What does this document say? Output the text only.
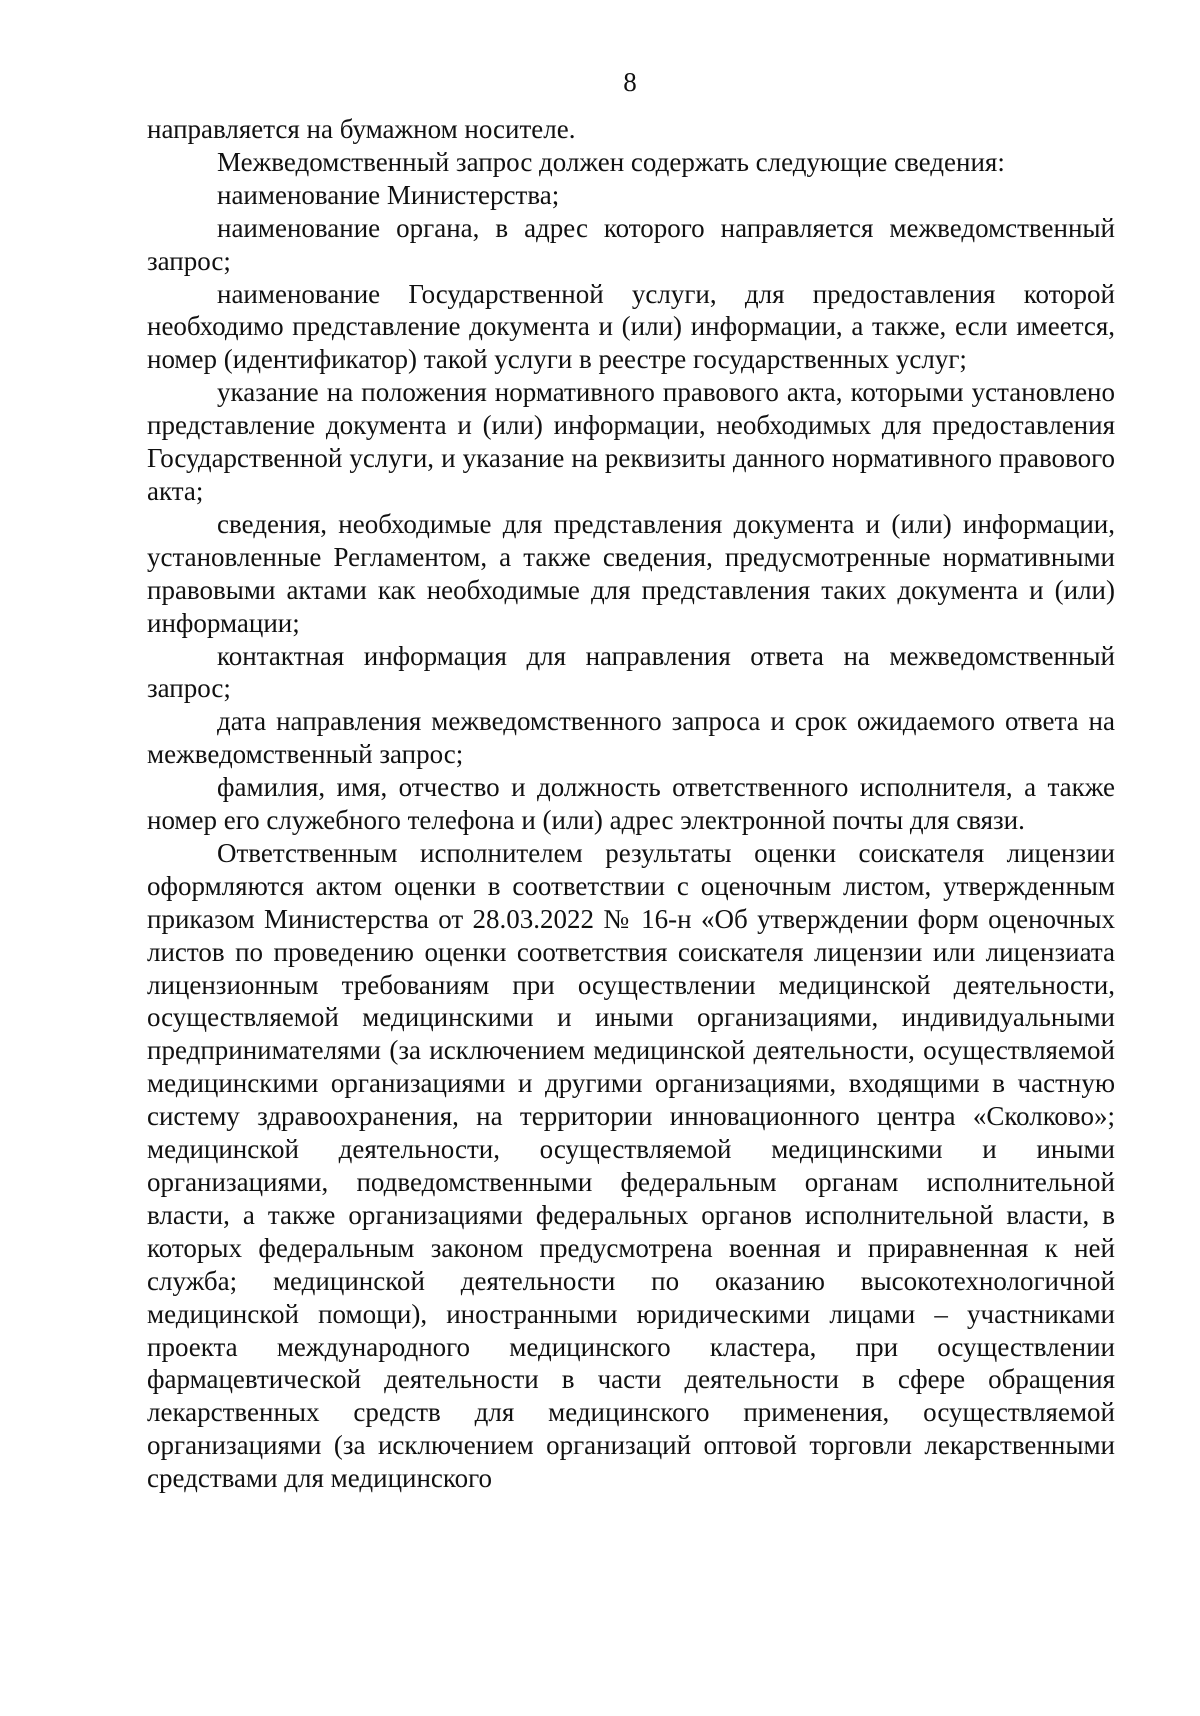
8

направляется на бумажном носителе.

Межведомственный запрос должен содержать следующие сведения:

наименование Министерства;

наименование органа, в адрес которого направляется межведомственный запрос;

наименование Государственной услуги, для предоставления которой необходимо представление документа и (или) информации, а также, если имеется, номер (идентификатор) такой услуги в реестре государственных услуг;

указание на положения нормативного правового акта, которыми установлено представление документа и (или) информации, необходимых для предоставления Государственной услуги, и указание на реквизиты данного нормативного правового акта;

сведения, необходимые для представления документа и (или) информации, установленные Регламентом, а также сведения, предусмотренные нормативными правовыми актами как необходимые для представления таких документа и (или) информации;

контактная информация для направления ответа на межведомственный запрос;

дата направления межведомственного запроса и срок ожидаемого ответа на межведомственный запрос;

фамилия, имя, отчество и должность ответственного исполнителя, а также номер его служебного телефона и (или) адрес электронной почты для связи.

Ответственным исполнителем результаты оценки соискателя лицензии оформляются актом оценки в соответствии с оценочным листом, утвержденным приказом Министерства от 28.03.2022 № 16-н «Об утверждении форм оценочных листов по проведению оценки соответствия соискателя лицензии или лицензиата лицензионным требованиям при осуществлении медицинской деятельности, осуществляемой медицинскими и иными организациями, индивидуальными предпринимателями (за исключением медицинской деятельности, осуществляемой медицинскими организациями и другими организациями, входящими в частную систему здравоохранения, на территории инновационного центра «Сколково»; медицинской деятельности, осуществляемой медицинскими и иными организациями, подведомственными федеральным органам исполнительной власти, а также организациями федеральных органов исполнительной власти, в которых федеральным законом предусмотрена военная и приравненная к ней служба; медицинской деятельности по оказанию высокотехнологичной медицинской помощи), иностранными юридическими лицами – участниками проекта международного медицинского кластера, при осуществлении фармацевтической деятельности в части деятельности в сфере обращения лекарственных средств для медицинского применения, осуществляемой организациями (за исключением организаций оптовой торговли лекарственными средствами для медицинского
